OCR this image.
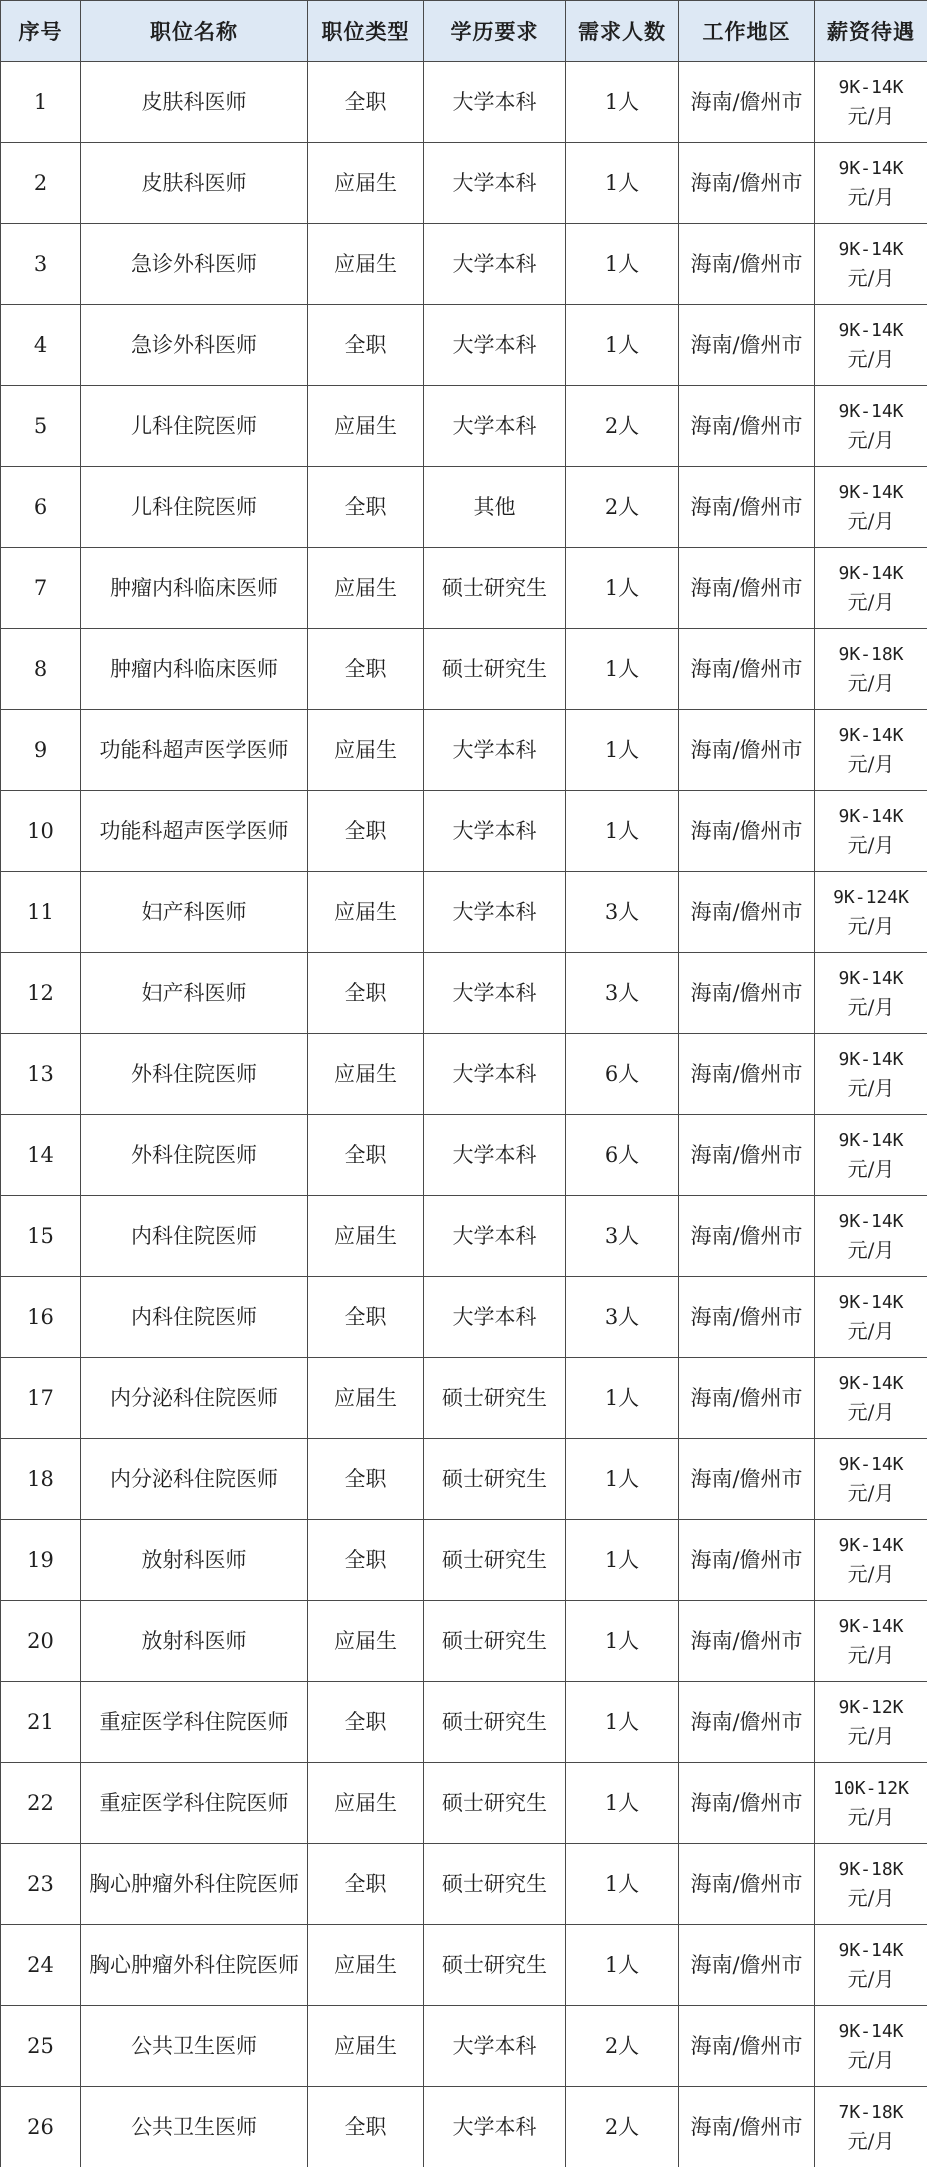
序号	职位名称	职位类型	学历要求	需求人数	工作地区	薪资待遇
1	皮肤科医师	全职	大学本科	1人	海南/儋州市	9K-14K
元/月

2	皮肤科医师	应届生	大学本科	1人	海南/儋州市	9K-14K
元/月

3	急诊外科医师	应届生	大学本科	1人	海南/儋州市	9K-14K
元/月

4	急诊外科医师	全职	大学本科	1人	海南/儋州市	9K-14K
元/月

5	儿科住院医师	应届生	大学本科	2人	海南/儋州市	9K-14K
元/月

6	儿科住院医师	全职	其他	2人	海南/儋州市	9K-14K
元/月

7	肿瘤内科临床医师	应届生	硕士研究生	1人	海南/儋州市	9K-14K
元/月

8	肿瘤内科临床医师	全职	硕士研究生	1人	海南/儋州市	9K-18K
元/月

9	功能科超声医学医师	应届生	大学本科	1人	海南/儋州市	9K-14K
元/月

10	功能科超声医学医师	全职	大学本科	1人	海南/儋州市	9K-14K
元/月

11	妇产科医师	应届生	大学本科	3人	海南/儋州市	9K-124K
元/月

12	妇产科医师	全职	大学本科	3人	海南/儋州市	9K-14K
元/月

13	外科住院医师	应届生	大学本科	6人	海南/儋州市	9K-14K
元/月

14	外科住院医师	全职	大学本科	6人	海南/儋州市	9K-14K
元/月

15	内科住院医师	应届生	大学本科	3人	海南/儋州市	9K-14K
元/月

16	内科住院医师	全职	大学本科	3人	海南/儋州市	9K-14K
元/月

17	内分泌科住院医师	应届生	硕士研究生	1人	海南/儋州市	9K-14K
元/月

18	内分泌科住院医师	全职	硕士研究生	1人	海南/儋州市	9K-14K
元/月

19	放射科医师	全职	硕士研究生	1人	海南/儋州市	9K-14K
元/月

20	放射科医师	应届生	硕士研究生	1人	海南/儋州市	9K-14K
元/月

21	重症医学科住院医师	全职	硕士研究生	1人	海南/儋州市	9K-12K
元/月

22	重症医学科住院医师	应届生	硕士研究生	1人	海南/儋州市	10K-12K
元/月

23	胸心肿瘤外科住院医师	全职	硕士研究生	1人	海南/儋州市	9K-18K
元/月

24	胸心肿瘤外科住院医师	应届生	硕士研究生	1人	海南/儋州市	9K-14K
元/月

25	公共卫生医师	应届生	大学本科	2人	海南/儋州市	9K-14K
元/月

26	公共卫生医师	全职	大学本科	2人	海南/儋州市	7K-18K
元/月
